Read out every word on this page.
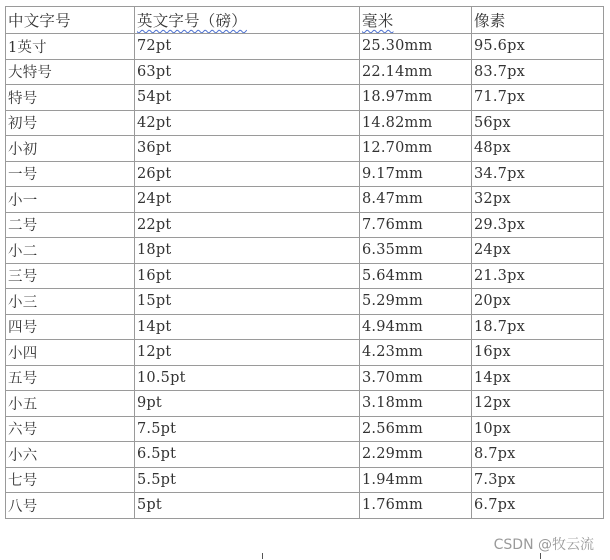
中文字号	英文字号（磅）	毫米	像素
1英寸	72pt	25.30mm	95.6px
大特号	63pt	22.14mm	83.7px
特号	54pt	18.97mm	71.7px
初号	42pt	14.82mm	56px
小初	36pt	12.70mm	48px
一号	26pt	9.17mm	34.7px
小一	24pt	8.47mm	32px
二号	22pt	7.76mm	29.3px
小二	18pt	6.35mm	24px
三号	16pt	5.64mm	21.3px
小三	15pt	5.29mm	20px
四号	14pt	4.94mm	18.7px
小四	12pt	4.23mm	16px
五号	10.5pt	3.70mm	14px
小五	9pt	3.18mm	12px
六号	7.5pt	2.56mm	10px
小六	6.5pt	2.29mm	8.7px
七号	5.5pt	1.94mm	7.3px
八号	5pt	1.76mm	6.7px
CSDN @牧云流
